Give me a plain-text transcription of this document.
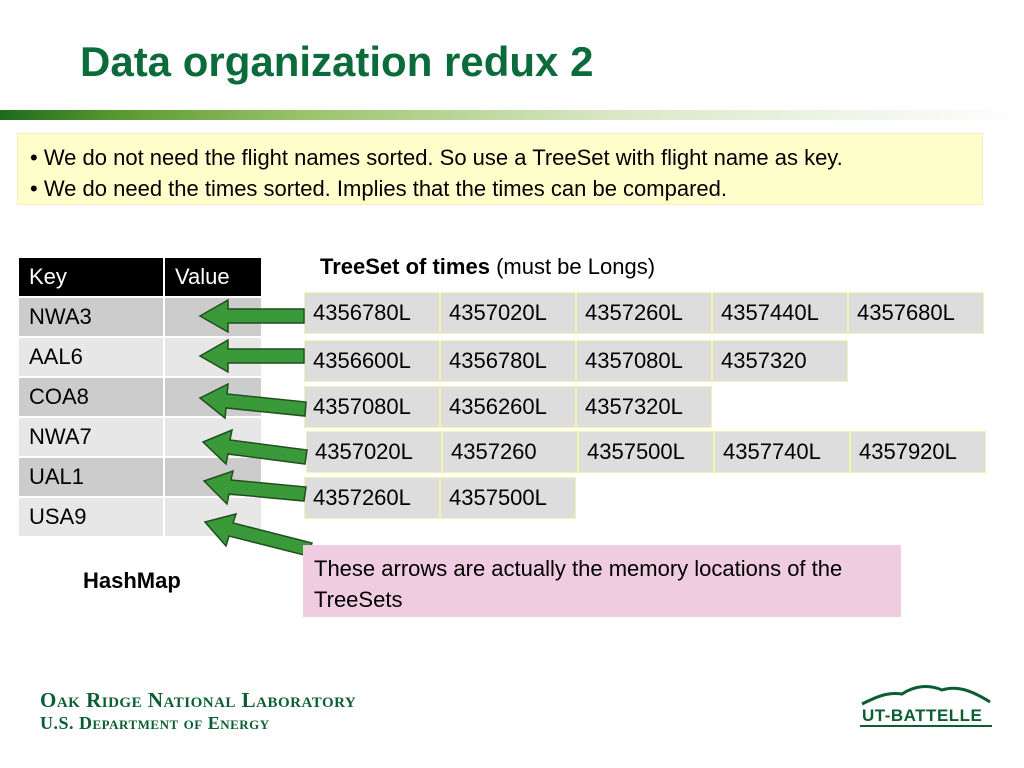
Data organization redux 2
• We do not need the flight names sorted. So use a TreeSet with flight name as key.
• We do need the times sorted. Implies that the times can be compared.
Key	Value
NWA3	
AAL6	
COA8	
NWA7	
UAL1	
USA9	
HashMap
TreeSet of times (must be Longs)
4356780L	4357020L	4357260L	4357440L	4357680L
4356600L	4356780L	4357080L	4357320
4357080L	4356260L	4357320L
4357020L	4357260	4357500L	4357740L	4357920L
4357260L	4357500L
These arrows are actually the memory locations of the TreeSets
Oak Ridge National Laboratory
U.S. Department of Energy	UT-BATTELLE
